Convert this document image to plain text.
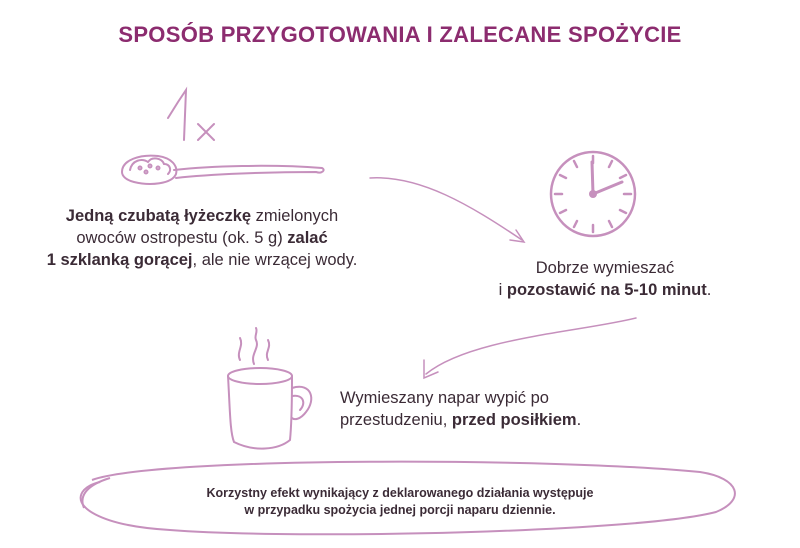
SPOSÓB PRZYGOTOWANIA I ZALECANE SPOŻYCIE
Jedną czubatą łyżeczkę zmielonych
owoców ostropestu (ok. 5 g) zalać
1 szklanką gorącej, ale nie wrzącej wody.	Dobrze wymieszać
i pozostawić na 5-10 minut.
Wymieszany napar wypić po
przestudzeniu, przed posiłkiem.
Korzystny efekt wynikający z deklarowanego działania występuje
w przypadku spożycia jednej porcji naparu dziennie.
